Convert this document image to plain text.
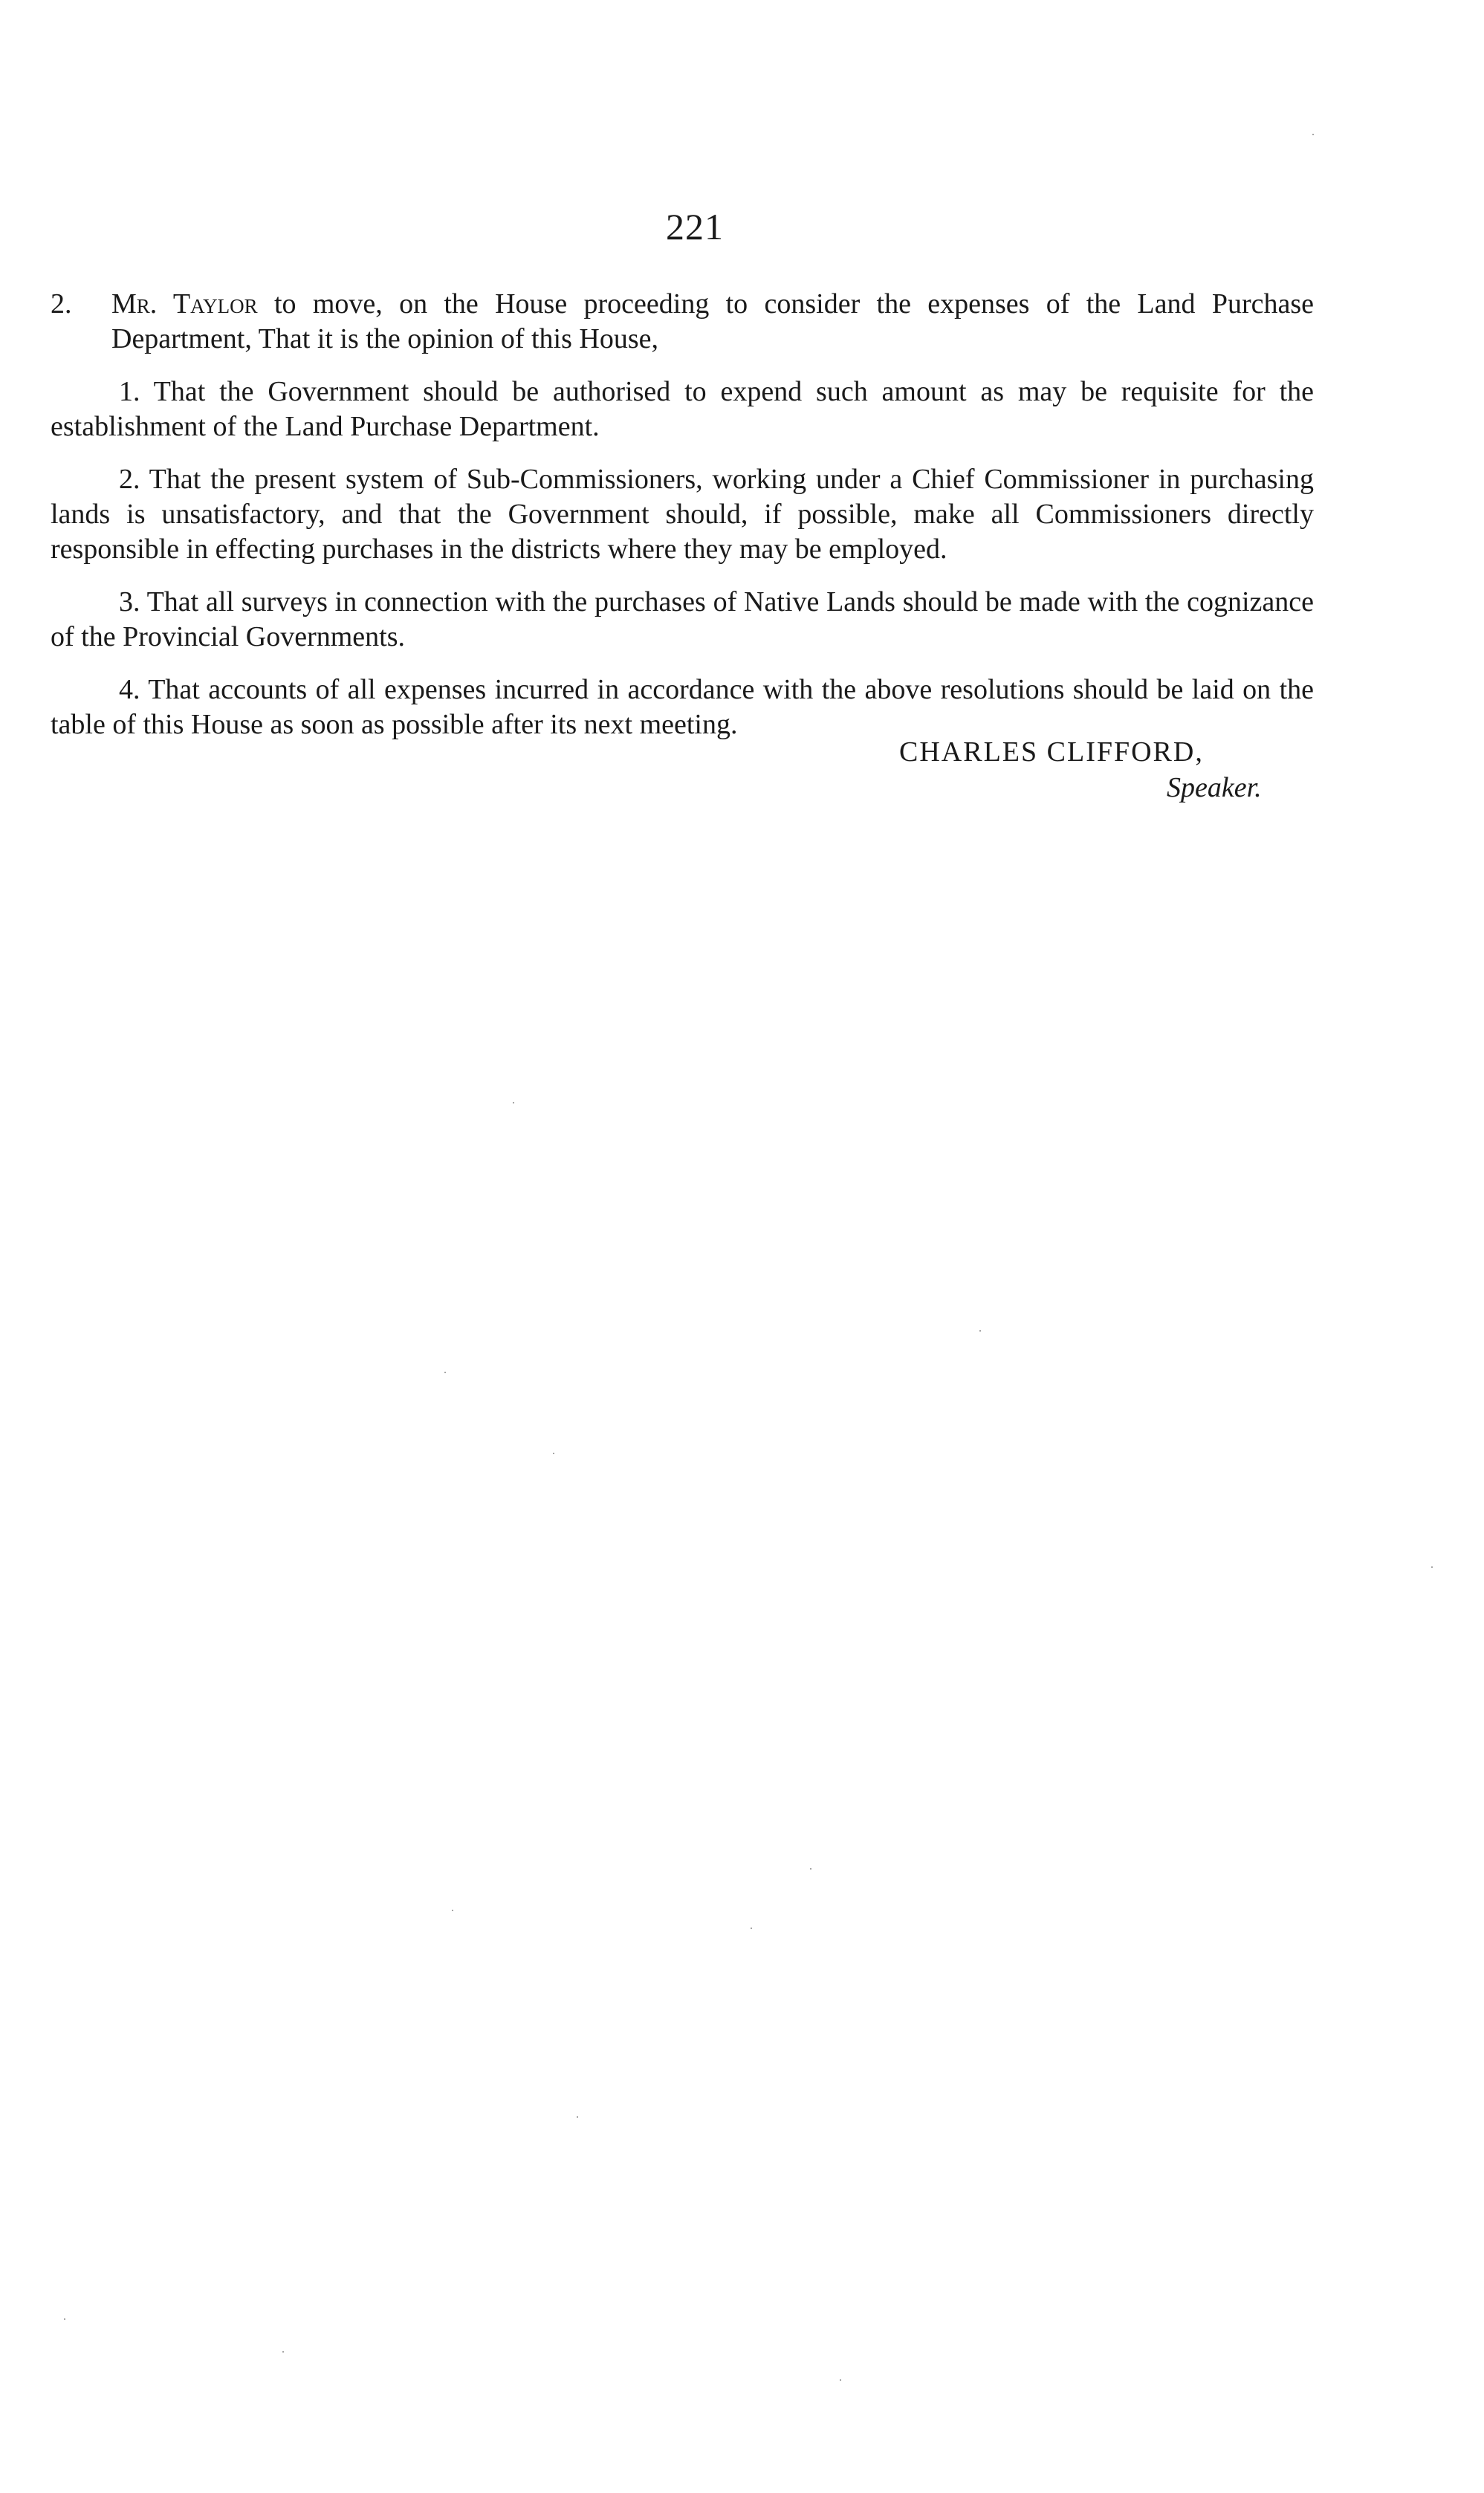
221

2. Mr. Taylor to move, on the House proceeding to consider the expenses of the Land Purchase Department, That it is the opinion of this House,

1. That the Government should be authorised to expend such amount as may be requisite for the establishment of the Land Purchase Department.

2. That the present system of Sub-Commissioners, working under a Chief Commissioner in purchasing lands is unsatisfactory, and that the Government should, if possible, make all Commissioners directly responsible in effecting purchases in the districts where they may be employed.

3. That all surveys in connection with the purchases of Native Lands should be made with the cognizance of the Provincial Governments.

4. That accounts of all expenses incurred in accordance with the above resolutions should be laid on the table of this House as soon as possible after its next meeting.

CHARLES CLIFFORD,
Speaker.
